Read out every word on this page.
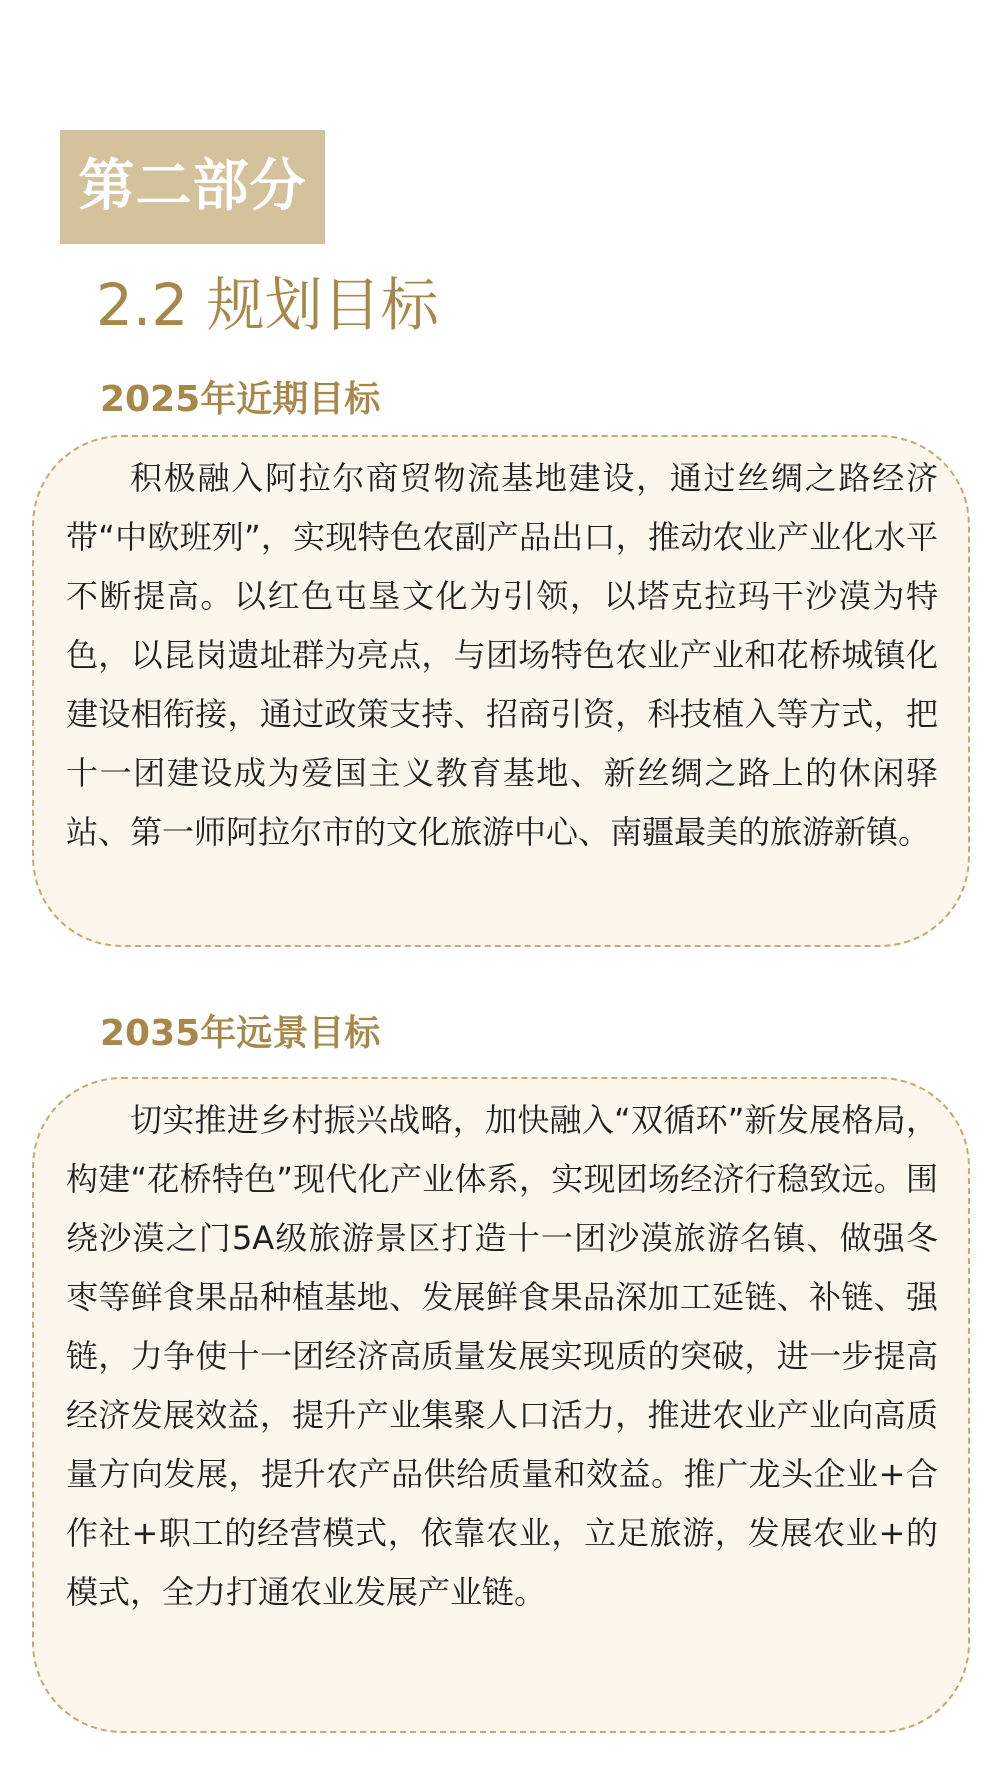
第二部分
2.2 规划目标
2025年近期目标

积极融入阿拉尔商贸物流基地建设，通过丝绸之路经济带“中欧班列”，实现特色农副产品出口，推动农业产业化水平不断提高。以红色屯垦文化为引领，以塔克拉玛干沙漠为特色，以昆岗遗址群为亮点，与团场特色农业产业和花桥城镇化建设相衔接，通过政策支持、招商引资，科技植入等方式，把十一团建设成为爱国主义教育基地、新丝绸之路上的休闲驿站、第一师阿拉尔市的文化旅游中心、南疆最美的旅游新镇。

2035年远景目标

切实推进乡村振兴战略，加快融入“双循环”新发展格局，构建“花桥特色”现代化产业体系，实现团场经济行稳致远。围绕沙漠之门5A级旅游景区打造十一团沙漠旅游名镇、做强冬枣等鲜食果品种植基地、发展鲜食果品深加工延链、补链、强链，力争使十一团经济高质量发展实现质的突破，进一步提高经济发展效益，提升产业集聚人口活力，推进农业产业向高质量方向发展，提升农产品供给质量和效益。推广龙头企业+合作社+职工的经营模式，依靠农业，立足旅游，发展农业+的模式，全力打通农业发展产业链。
